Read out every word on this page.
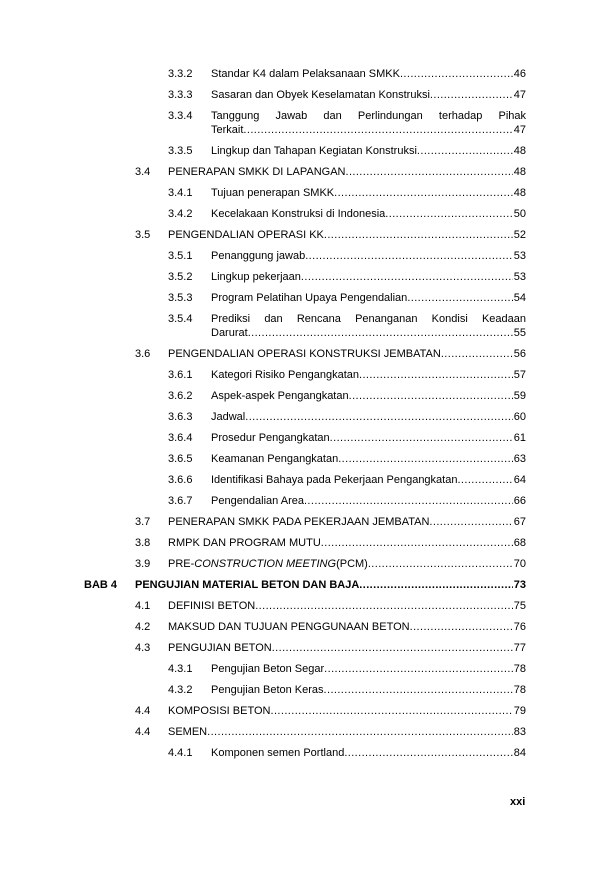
3.3.2 Standar K4 dalam Pelaksanaan SMKK .....	46
3.3.3 Sasaran dan Obyek Keselamatan Konstruksi .....	47
3.3.4 Tanggung Jawab dan Perlindungan terhadap Pihak
Terkait .....	47
3.3.5 Lingkup dan Tahapan Kegiatan Konstruksi .....	48
3.4 PENERAPAN SMKK DI LAPANGAN .....	48
3.4.1 Tujuan penerapan SMKK .....	48
3.4.2 Kecelakaan Konstruksi di Indonesia .....	50
3.5 PENGENDALIAN OPERASI KK .....	52
3.5.1 Penanggung jawab .....	53
3.5.2 Lingkup pekerjaan .....	53
3.5.3 Program Pelatihan Upaya Pengendalian .....	54
3.5.4 Prediksi dan Rencana Penanganan Kondisi Keadaan
Darurat .....	55
3.6 PENGENDALIAN OPERASI KONSTRUKSI JEMBATAN .....	56
3.6.1 Kategori Risiko Pengangkatan .....	57
3.6.2 Aspek-aspek Pengangkatan .....	59
3.6.3 Jadwal .....	60
3.6.4 Prosedur Pengangkatan .....	61
3.6.5 Keamanan Pengangkatan .....	63
3.6.6 Identifikasi Bahaya pada Pekerjaan Pengangkatan .....	64
3.6.7 Pengendalian Area .....	66
3.7 PENERAPAN SMKK PADA PEKERJAAN JEMBATAN .....	67
3.8 RMPK DAN PROGRAM MUTU .....	68
3.9 PRE- CONSTRUCTION MEETING (PCM) .....	70
BAB 4 PENGUJIAN MATERIAL BETON DAN BAJA .....	73
4.1 DEFINISI BETON .....	75
4.2 MAKSUD DAN TUJUAN PENGGUNAAN BETON .....	76
4.3 PENGUJIAN BETON .....	77
4.3.1 Pengujian Beton Segar .....	78
4.3.2 Pengujian Beton Keras .....	78
4.4 KOMPOSISI BETON .....	79
4.4 SEMEN .....	83
4.4.1 Komponen semen Portland .....	84
xxi
